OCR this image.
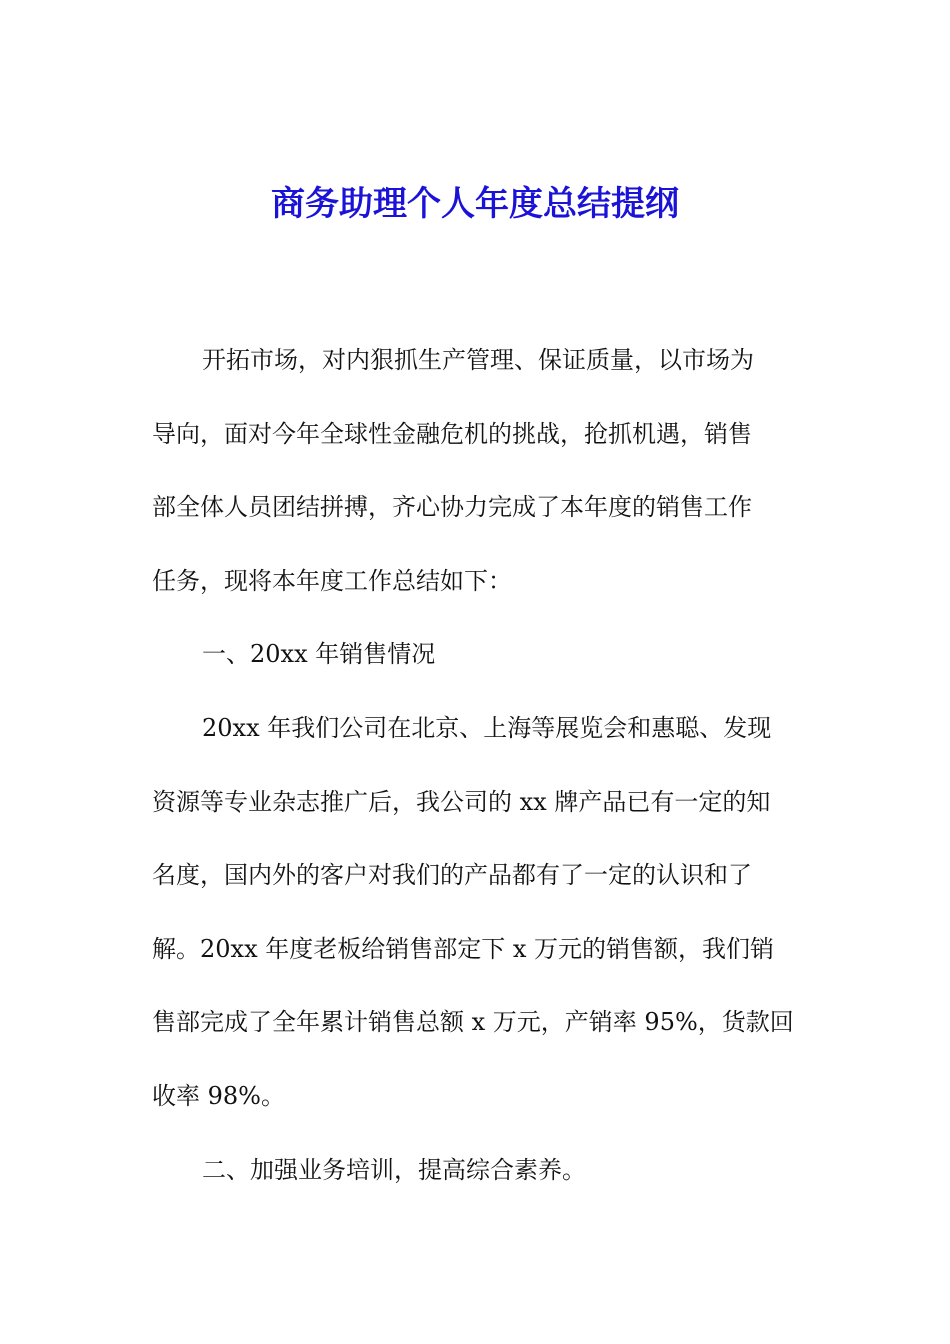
商务助理个人年度总结提纲
开拓市场，对内狠抓生产管理、保证质量，以市场为
导向，面对今年全球性金融危机的挑战，抢抓机遇，销售
部全体人员团结拼搏，齐心协力完成了本年度的销售工作
任务，现将本年度工作总结如下：
一、20xx 年销售情况
20xx 年我们公司在北京、上海等展览会和惠聪、发现
资源等专业杂志推广后，我公司的 xx 牌产品已有一定的知
名度，国内外的客户对我们的产品都有了一定的认识和了
解。20xx 年度老板给销售部定下 x 万元的销售额，我们销
售部完成了全年累计销售总额 x 万元，产销率 95%，货款回
收率 98%。
二、加强业务培训，提高综合素养。
